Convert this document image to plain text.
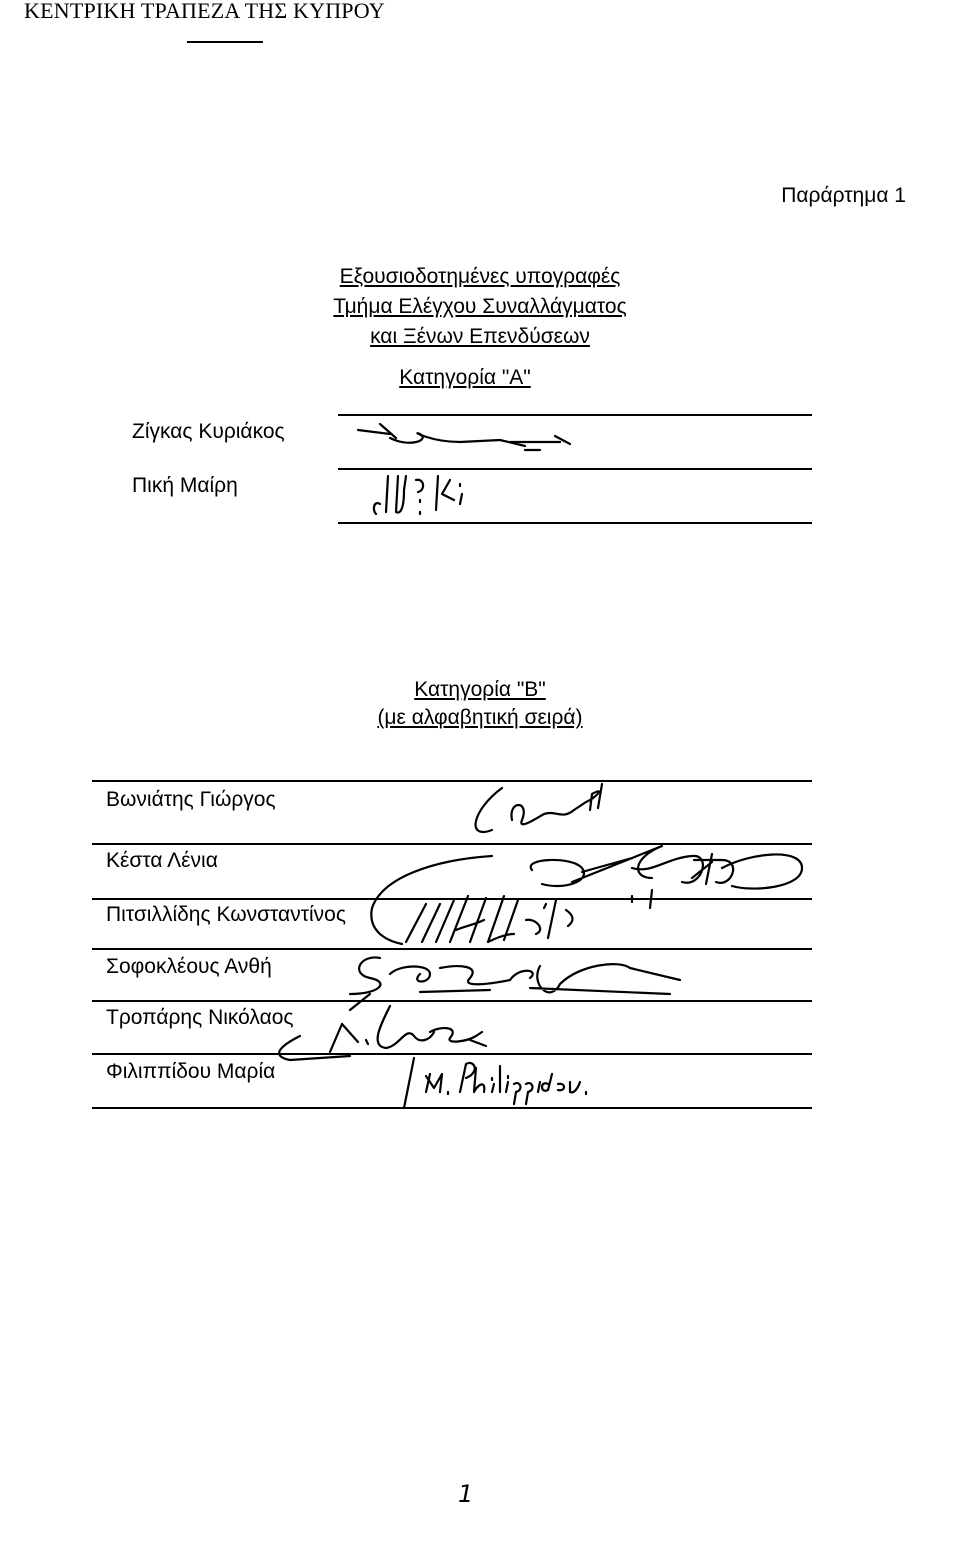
ΚΕΝΤΡΙΚΗ ΤΡΑΠΕΖΑ ΤΗΣ ΚΥΠΡΟΥ
Παράρτημα 1
Εξουσιοδοτημένες υπογραφές
Τμήμα Ελέγχου Συναλλάγματος
και Ξένων Επενδύσεων
Κατηγορία "Α"
Ζίγκας Κυριάκος
Πική Μαίρη
Κατηγορία "Β"
(με αλφαβητική σειρά)
Βωνιάτης Γιώργος
Κέστα Λένια
Πιτσιλλίδης Κωνσταντίνος
Σοφοκλέους Ανθή
Τροπάρης Νικόλαος
Φιλιππίδου Μαρία
1
